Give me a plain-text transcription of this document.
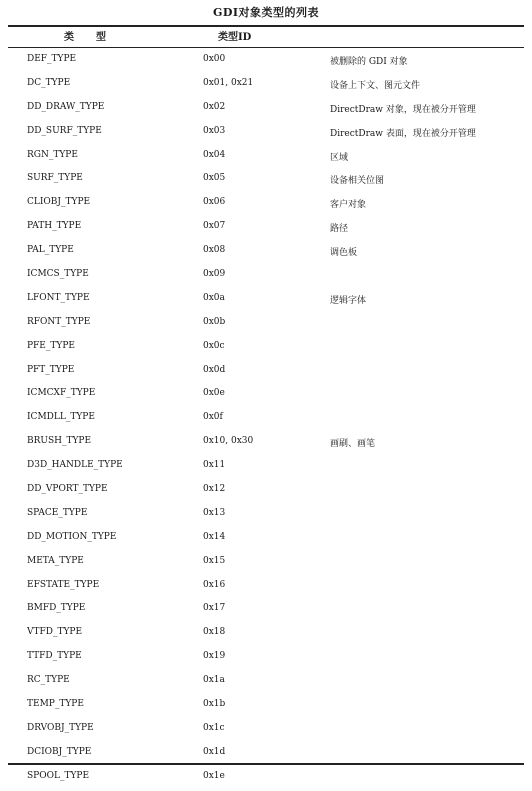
GDI对象类型的列表
类型	类型ID
DEF_TYPE	0x00	被删除的 GDI 对象
DC_TYPE	0x01, 0x21	设备上下文、图元文件
DD_DRAW_TYPE	0x02	DirectDraw 对象，现在被分开管理
DD_SURF_TYPE	0x03	DirectDraw 表面，现在被分开管理
RGN_TYPE	0x04	区域
SURF_TYPE	0x05	设备相关位图
CLIOBJ_TYPE	0x06	客户对象
PATH_TYPE	0x07	路径
PAL_TYPE	0x08	调色板
ICMCS_TYPE	0x09
LFONT_TYPE	0x0a	逻辑字体
RFONT_TYPE	0x0b
PFE_TYPE	0x0c
PFT_TYPE	0x0d
ICMCXF_TYPE	0x0e
ICMDLL_TYPE	0x0f
BRUSH_TYPE	0x10, 0x30	画刷、画笔
D3D_HANDLE_TYPE	0x11
DD_VPORT_TYPE	0x12
SPACE_TYPE	0x13
DD_MOTION_TYPE	0x14
META_TYPE	0x15
EFSTATE_TYPE	0x16
BMFD_TYPE	0x17
VTFD_TYPE	0x18
TTFD_TYPE	0x19
RC_TYPE	0x1a
TEMP_TYPE	0x1b
DRVOBJ_TYPE	0x1c
DCIOBJ_TYPE	0x1d
SPOOL_TYPE	0x1e
